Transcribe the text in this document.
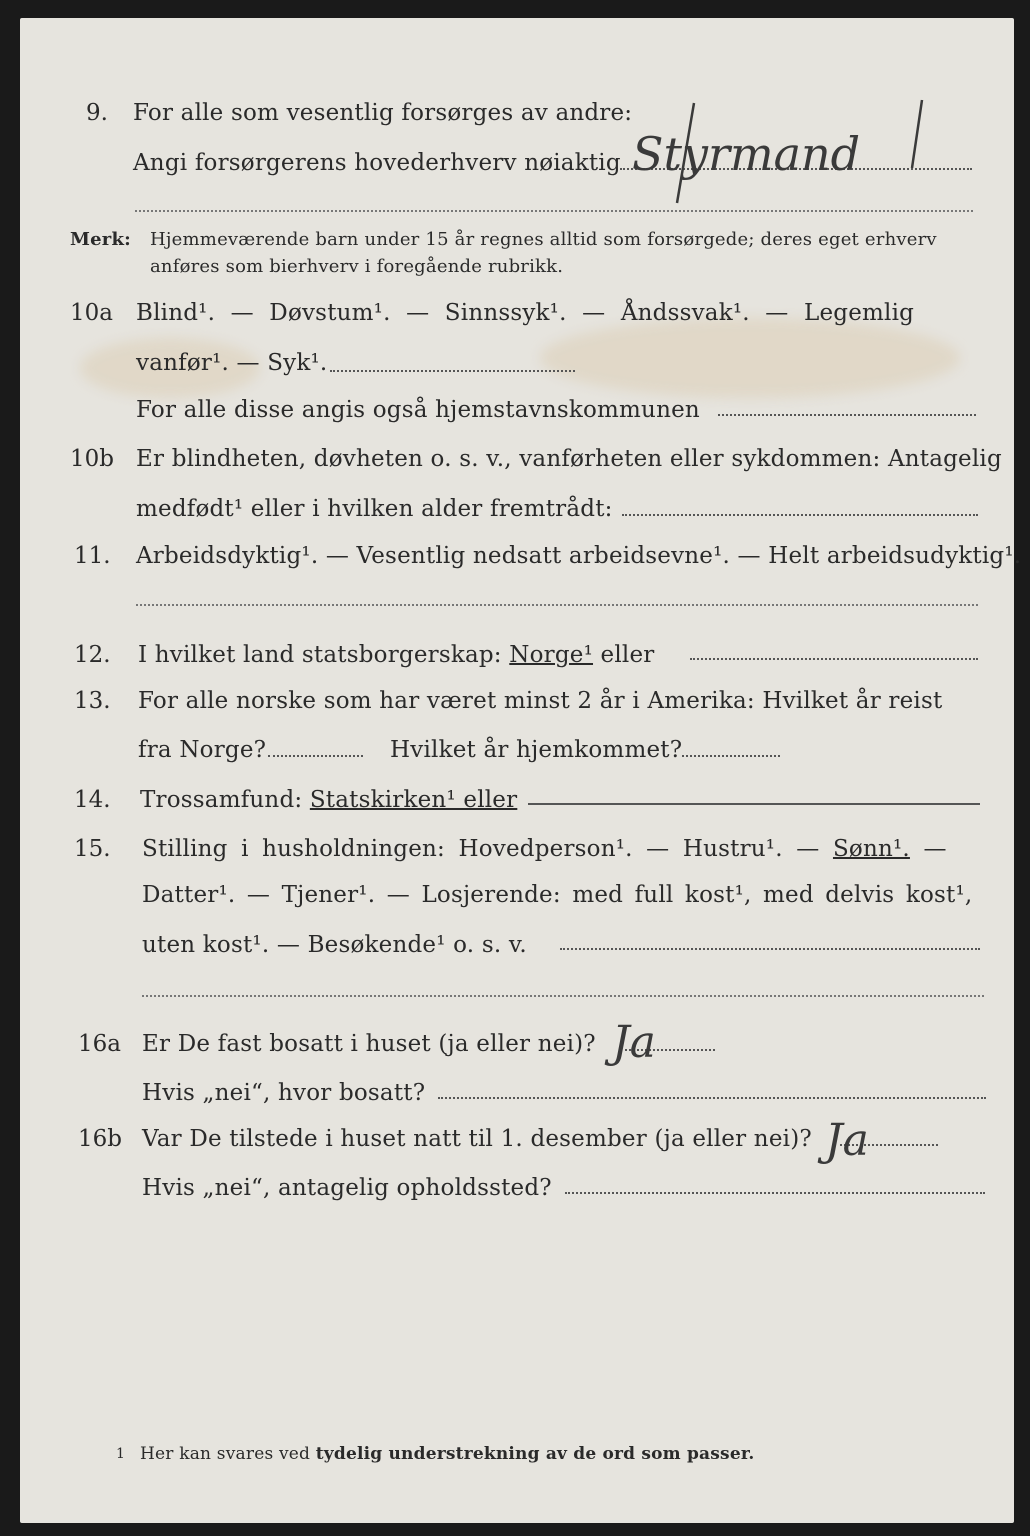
9. For alle som vesentlig forsørges av andre:
Angi forsørgerens hovederhverv nøiaktig Styrmand
Merk: Hjemmeværende barn under 15 år regnes alltid som forsørgede; deres eget erhverv
anføres som bierhverv i foregående rubrikk.
10a Blind¹. — Døvstum¹. — Sinnssyk¹. — Åndssvak¹. — Legemlig
vanfør¹. — Syk¹.
For alle disse angis også hjemstavnskommunen
10b Er blindheten, døvheten o. s. v., vanførheten eller sykdommen: Antagelig
medfødt¹ eller i hvilken alder fremtrådt:
11. Arbeidsdyktig¹. — Vesentlig nedsatt arbeidsevne¹. — Helt arbeidsudyktig¹.
12. I hvilket land statsborgerskap: Norge¹ eller
13. For alle norske som har været minst 2 år i Amerika: Hvilket år reist
fra Norge?	Hvilket år hjemkommet?
14. Trossamfund: Statskirken¹ eller
15. Stilling i husholdningen: Hovedperson¹. — Hustru¹. — Sønn¹. —
Datter¹. — Tjener¹. — Losjerende: med full kost¹, med delvis kost¹,
uten kost¹. — Besøkende¹ o. s. v.
16a Er De fast bosatt i huset (ja eller nei)? Ja
Hvis „nei“, hvor bosatt?
16b Var De tilstede i huset natt til 1. desember (ja eller nei)? Ja
Hvis „nei“, antagelig opholdssted?
1 Her kan svares ved tydelig understrekning av de ord som passer.
